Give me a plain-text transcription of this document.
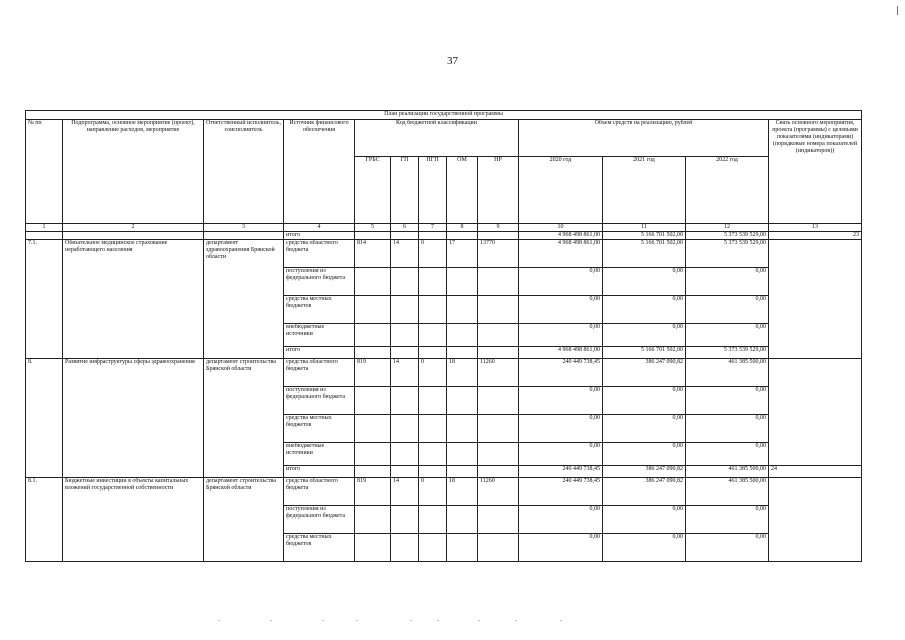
37
План реализации государственной программы												
№ пп	Подпрограмма, основное мероприятие (проект), направление расходов, мероприятие	Ответственный исполнитель, соисполнитель	Источник финансового обеспечения	Код бюджетной классификации					Объем средств на реализацию, рублей			Связь основного мероприятия, проекта (программы) с целевыми показателями (индикаторами) (порядковые номера показателей (индикаторов))
				ГРБС	ГП	ПГП	ОМ	НР	2020 год	2021 год	2022 год	
1	2	3	4	5	6	7	8	9	10	11	12	13
			итого						4 968 498 861,00	5 166 701 502,00	5 373 539 529,00	23
7.1.	Обязательное медицинское страхование неработающего населения	департамент здравоохранения Брянской области	средства областного бюджета	814	14	0	17	13770	4 968 498 861,00	5 166 701 502,00	5 373 539 529,00	
			поступления из федерального бюджета						0,00	0,00	0,00	
			средства местных бюджетов						0,00	0,00	0,00	
			внебюджетные источники						0,00	0,00	0,00	
			итого						4 968 498 861,00	5 166 701 502,00	5 373 539 529,00	
8.	Развитие инфраструктуры сферы здравоохранения	департамент строительства Брянской области	средства областного бюджета	819	14	0	18	11260	240 449 738,45	386 247 090,82	461 385 500,00	
			поступления из федерального бюджета						0,00	0,00	0,00	
			средства местных бюджетов						0,00	0,00	0,00	
			внебюджетные источники						0,00	0,00	0,00	
			итого						240 449 738,45	386 247 090,82	461 385 500,00	24
8.1.	Бюджетные инвестиции в объекты капитальных вложений государственной собственности	департамент строительства Брянской области	средства областного бюджета	819	14	0	18	11260	240 449 738,45	386 247 090,82	461 385 500,00	
			поступления из федерального бюджета						0,00	0,00	0,00	
			средства местных бюджетов						0,00	0,00	0,00	
